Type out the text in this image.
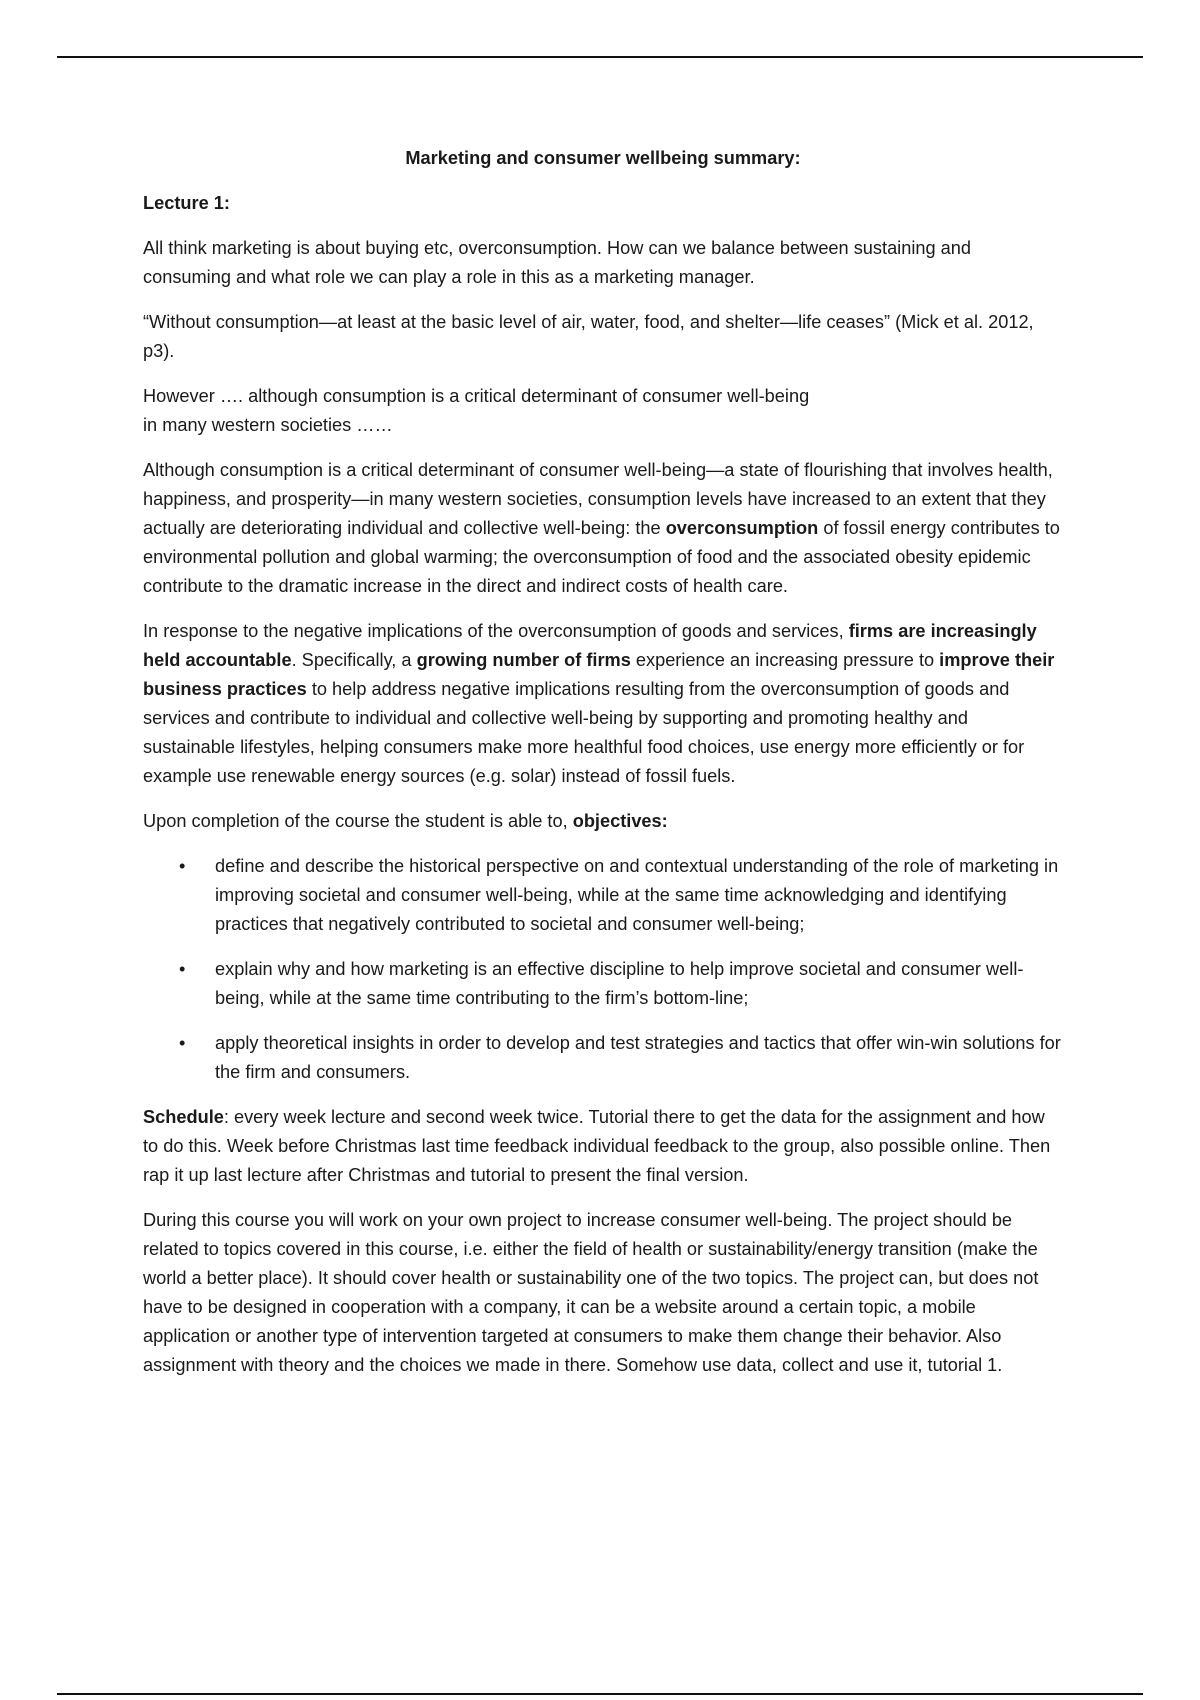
Marketing and consumer wellbeing summary:

Lecture 1:

All think marketing is about buying etc, overconsumption. How can we balance between sustaining and consuming and what role we can play a role in this as a marketing manager.

“Without consumption—at least at the basic level of air, water, food, and shelter—life ceases” (Mick et al. 2012, p3).

However …. although consumption is a critical determinant of consumer well-being
in many western societies ……

Although consumption is a critical determinant of consumer well-being—a state of flourishing that involves health, happiness, and prosperity—in many western societies, consumption levels have increased to an extent that they actually are deteriorating individual and collective well-being: the overconsumption of fossil energy contributes to environmental pollution and global warming; the overconsumption of food and the associated obesity epidemic contribute to the dramatic increase in the direct and indirect costs of health care.

In response to the negative implications of the overconsumption of goods and services, firms are increasingly held accountable. Specifically, a growing number of firms experience an increasing pressure to improve their business practices to help address negative implications resulting from the overconsumption of goods and services and contribute to individual and collective well-being by supporting and promoting healthy and sustainable lifestyles, helping consumers make more healthful food choices, use energy more efficiently or for example use renewable energy sources (e.g. solar) instead of fossil fuels.

Upon completion of the course the student is able to, objectives:

• define and describe the historical perspective on and contextual understanding of the role of marketing in improving societal and consumer well-being, while at the same time acknowledging and identifying practices that negatively contributed to societal and consumer well-being;
• explain why and how marketing is an effective discipline to help improve societal and consumer well-being, while at the same time contributing to the firm’s bottom-line;
• apply theoretical insights in order to develop and test strategies and tactics that offer win-win solutions for the firm and consumers.

Schedule: every week lecture and second week twice. Tutorial there to get the data for the assignment and how to do this. Week before Christmas last time feedback individual feedback to the group, also possible online. Then rap it up last lecture after Christmas and tutorial to present the final version.

During this course you will work on your own project to increase consumer well-being. The project should be related to topics covered in this course, i.e. either the field of health or sustainability/energy transition (make the world a better place). It should cover health or sustainability one of the two topics. The project can, but does not have to be designed in cooperation with a company, it can be a website around a certain topic, a mobile application or another type of intervention targeted at consumers to make them change their behavior. Also assignment with theory and the choices we made in there. Somehow use data, collect and use it, tutorial 1.
